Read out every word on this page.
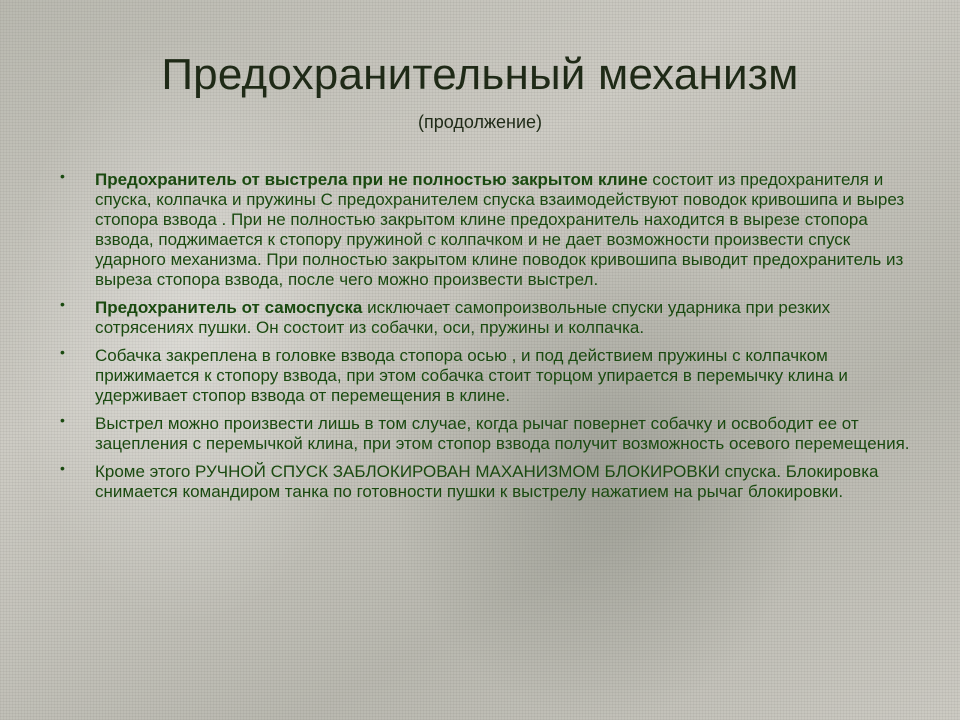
Предохранительный механизм
(продолжение)
• Предохранитель от выстрела при не полностью закрытом клине состоит из предохранителя и спуска, колпачка и пружины С предохранителем спуска взаимодействуют поводок кривошипа и вырез стопора взвода . При не полностью закрытом клине предохранитель находится в вырезе стопора взвода, поджимается к стопору пружиной с колпачком и не дает возможности произвести спуск ударного механизма. При полностью закрытом клине поводок кривошипа выводит предохранитель из выреза стопора взвода, после чего можно произвести выстрел.
• Предохранитель от самоспуска исключает самопроизвольные спуски ударника при резких сотрясениях пушки. Он состоит из собачки, оси, пружины и колпачка.
• Собачка закреплена в головке взвода стопора осью , и под действием пружины с колпачком прижимается к стопору взвода, при этом собачка стоит торцом упирается в перемычку клина и удерживает стопор взвода от перемещения в клине.
• Выстрел можно произвести лишь в том случае, когда рычаг повернет собачку и освободит ее от зацепления с перемычкой клина, при этом стопор взвода получит возможность осевого перемещения.
• Кроме этого РУЧНОЙ СПУСК ЗАБЛОКИРОВАН МАХАНИЗМОМ БЛОКИРОВКИ спуска. Блокировка снимается командиром танка по готовности пушки к выстрелу нажатием на рычаг блокировки.
